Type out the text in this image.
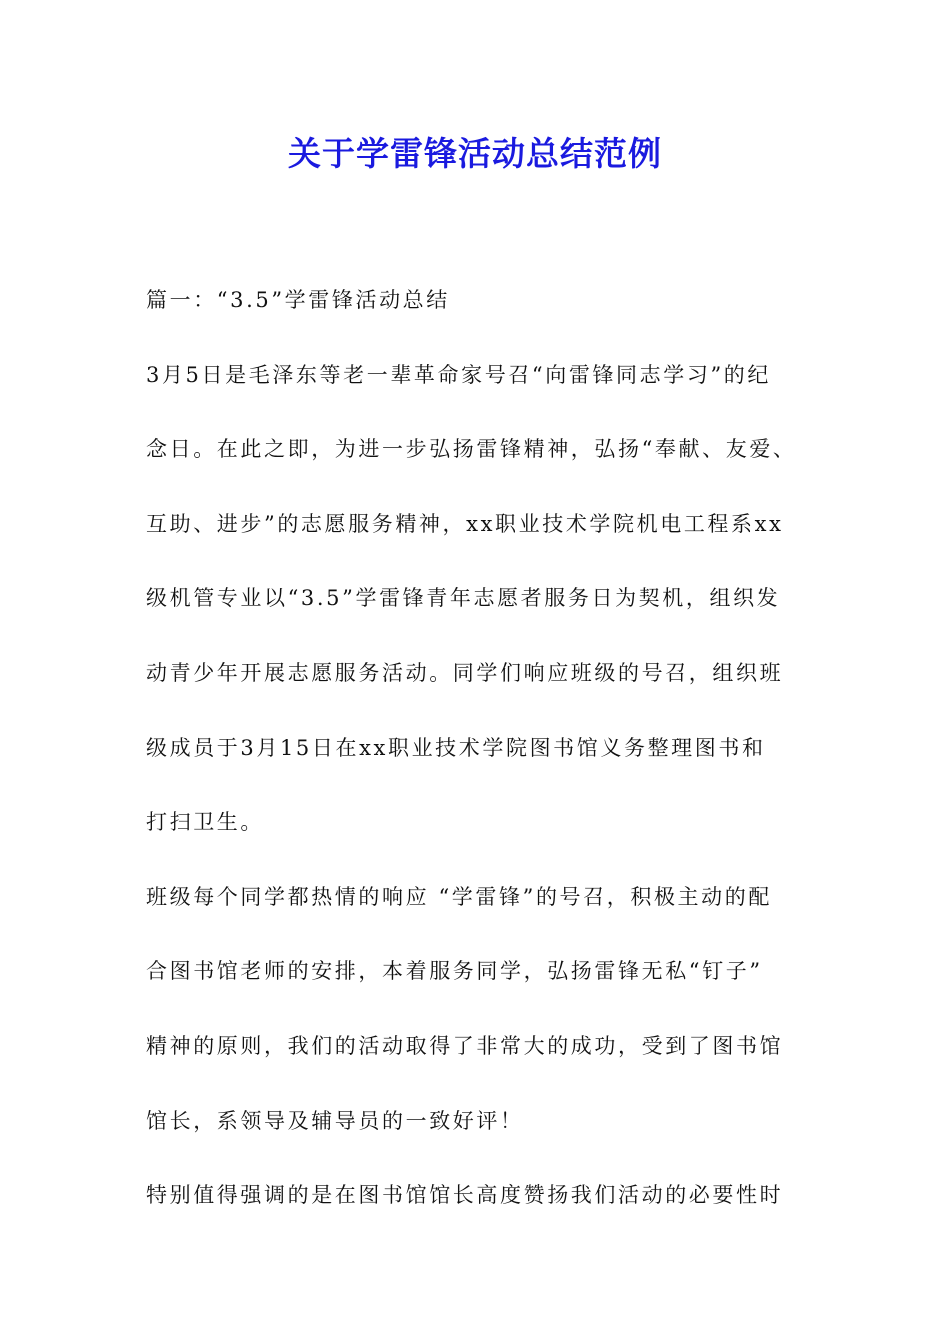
关于学雷锋活动总结范例

篇一：“3.5”学雷锋活动总结

3月5日是毛泽东等老一辈革命家号召“向雷锋同志学习”的纪

念日。在此之即，为进一步弘扬雷锋精神，弘扬“奉献、友爱、

互助、进步”的志愿服务精神，xx职业技术学院机电工程系xx

级机管专业以“3.5”学雷锋青年志愿者服务日为契机，组织发

动青少年开展志愿服务活动。同学们响应班级的号召，组织班

级成员于3月15日在xx职业技术学院图书馆义务整理图书和

打扫卫生。

班级每个同学都热情的响应 “学雷锋”的号召，积极主动的配

合图书馆老师的安排，本着服务同学，弘扬雷锋无私“钉子”

精神的原则，我们的活动取得了非常大的成功，受到了图书馆

馆长，系领导及辅导员的一致好评！

特别值得强调的是在图书馆馆长高度赞扬我们活动的必要性时
